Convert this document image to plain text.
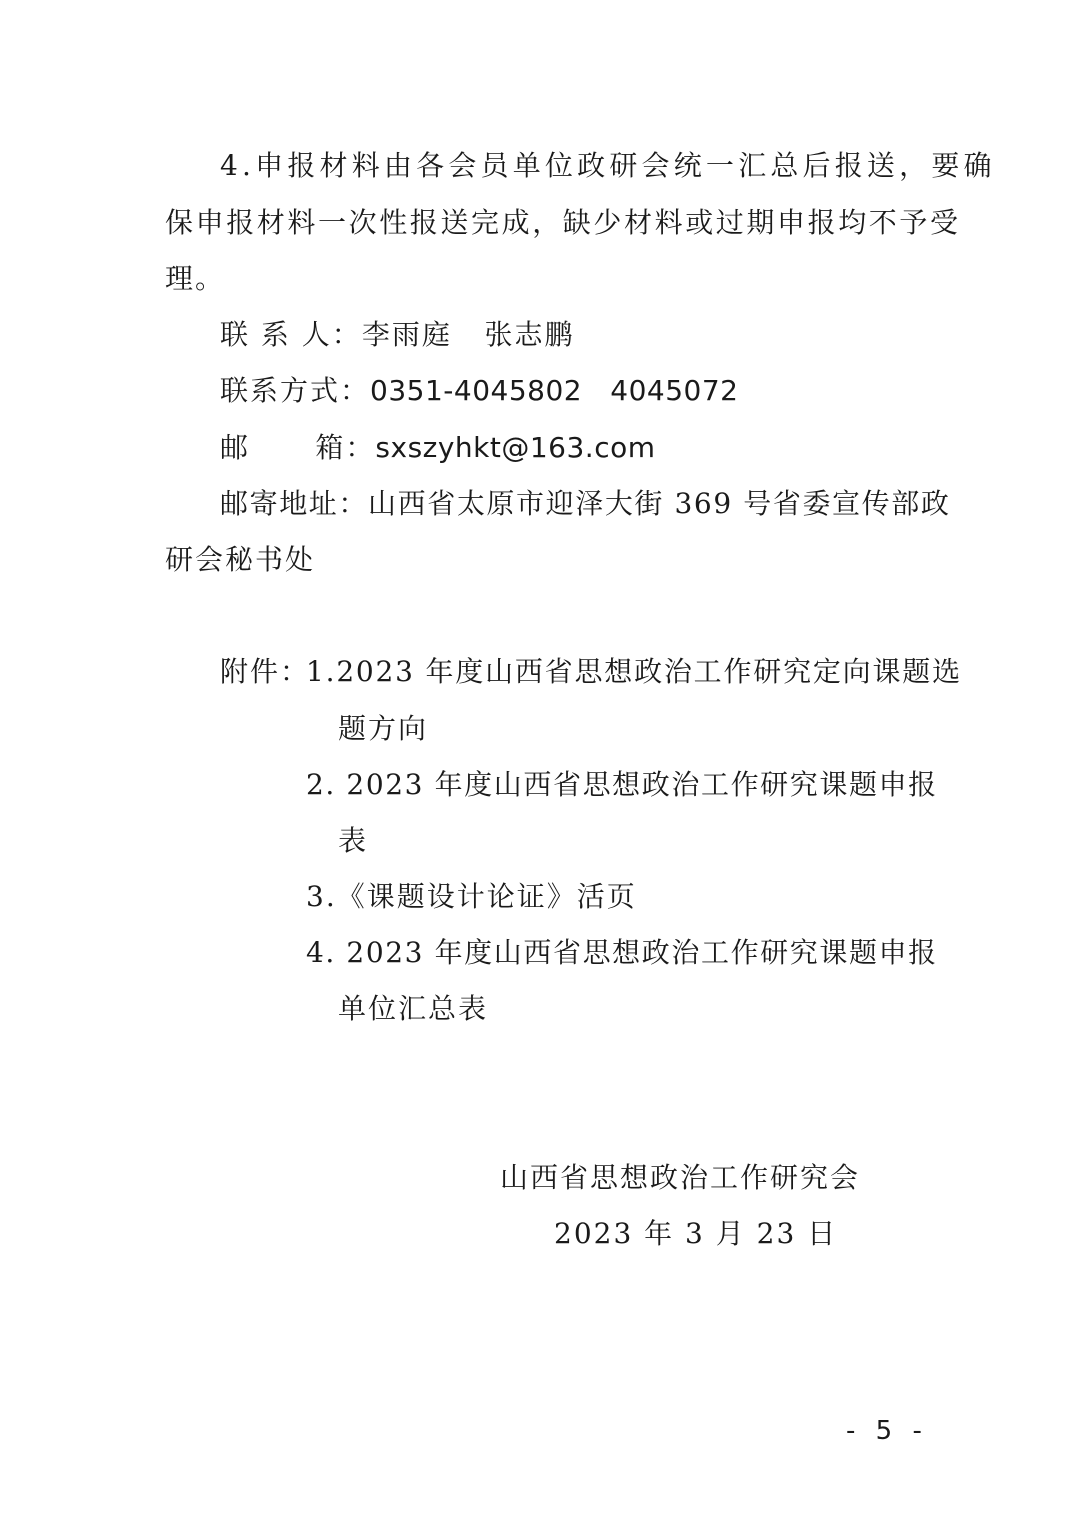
4.申报材料由各会员单位政研会统一汇总后报送，要确
保申报材料一次性报送完成，缺少材料或过期申报均不予受
理。
联 系 人：李雨庭   张志鹏
联系方式：0351-4045802   4045072
邮      箱：sxszyhkt@163.com
邮寄地址：山西省太原市迎泽大街 369 号省委宣传部政
研会秘书处
附件：
1.2023 年度山西省思想政治工作研究定向课题选
题方向
2. 2023 年度山西省思想政治工作研究课题申报
表
3.《课题设计论证》活页
4. 2023 年度山西省思想政治工作研究课题申报
单位汇总表
山西省思想政治工作研究会
2023 年 3 月 23 日
- 5 -
